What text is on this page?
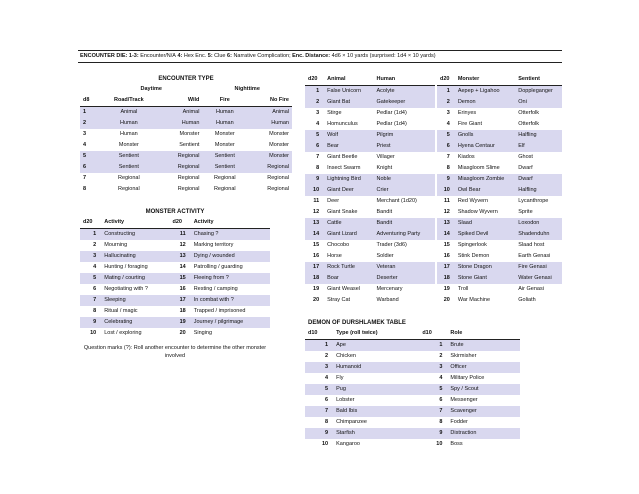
ENCOUNTER DIE: 1-3: Encounter/N/A 4: Hex Enc. 5: Clue 6: Narrative Complication; Enc. Distance: 4d6 × 10 yards (surprised: 1d4 × 10 yards)
ENCOUNTER TYPE
	Daytime		Nighttime	
d8	Road/Track	Wild	Fire	No Fire
1	Animal	Animal	Human	Animal
2	Human	Human	Human	Human
3	Human	Monster	Monster	Monster
4	Monster	Sentient	Monster	Monster
5	Sentient	Regional	Sentient	Monster
6	Sentient	Regional	Sentient	Regional
7	Regional	Regional	Regional	Regional
8	Regional	Regional	Regional	Regional
MONSTER ACTIVITY
d20	Activity	d20	Activity
1	Constructing	11	Chasing ?
2	Mourning	12	Marking territory
3	Hallucinating	13	Dying / wounded
4	Hunting / foraging	14	Patrolling / guarding
5	Mating / courting	15	Fleeing from ?
6	Negotiating with ?	16	Resting / camping
7	Sleeping	17	In combat with ?
8	Ritual / magic	18	Trapped / imprisoned
9	Celebrating	19	Journey / pilgrimage
10	Lost / exploring	20	Singing
Question marks (?): Roll another encounter to determine the other monster involved
d20	Animal	Human
1	False Unicorn	Acolyte
2	Giant Bat	Gatekeeper
3	Stirge	Pedlar (1d4)
4	Homunculus	Pedlar (1d4)
5	Wolf	Pilgrim
6	Bear	Priest
7	Giant Beetle	Villager
8	Insect Swarm	Knight
9	Lightning Bird	Noble
10	Giant Deer	Crier
11	Deer	Merchant (1d20)
12	Giant Snake	Bandit
13	Cattle	Bandit
14	Giant Lizard	Adventuring Party
15	Chocobo	Trader (3d6)
16	Horse	Soldier
17	Rock Turtle	Veteran
18	Boar	Deserter
19	Giant Weasel	Mercenary
20	Stray Cat	Warband
d20	Monster	Sentient
1	Aepep + Ligahoo	Doppleganger
2	Demon	Oni
3	Erinyes	Otterfolk
4	Fire Giant	Otterfolk
5	Gnolls	Halfling
6	Hyena Centaur	Elf
7	Kiados	Ghost
8	Miasgloom Slime	Dwarf
9	Miasgloom Zombie	Dwarf
10	Owl Bear	Halfling
11	Red Wyvern	Lycanthrope
12	Shadow Wyvern	Sprite
13	Slaad	Loxodon
14	Spiked Devil	Shadenduhn
15	Spingerlook	Slaad host
16	Stink Demon	Earth Genasi
17	Stone Dragon	Fire Genasi
18	Stone Giant	Water Genasi
19	Troll	Air Genasi
20	War Machine	Goliath
DEMON OF DURSHLAMEK TABLE
d10	Type (roll twice)	d10	Role
1	Ape	1	Brute
2	Chicken	2	Skirmisher
3	Humanoid	3	Officer
4	Fly	4	Military Police
5	Pug	5	Spy / Scout
6	Lobster	6	Messenger
7	Bald Ibis	7	Scavenger
8	Chimpanzee	8	Fodder
9	Starfish	9	Distraction
10	Kangaroo	10	Boss
